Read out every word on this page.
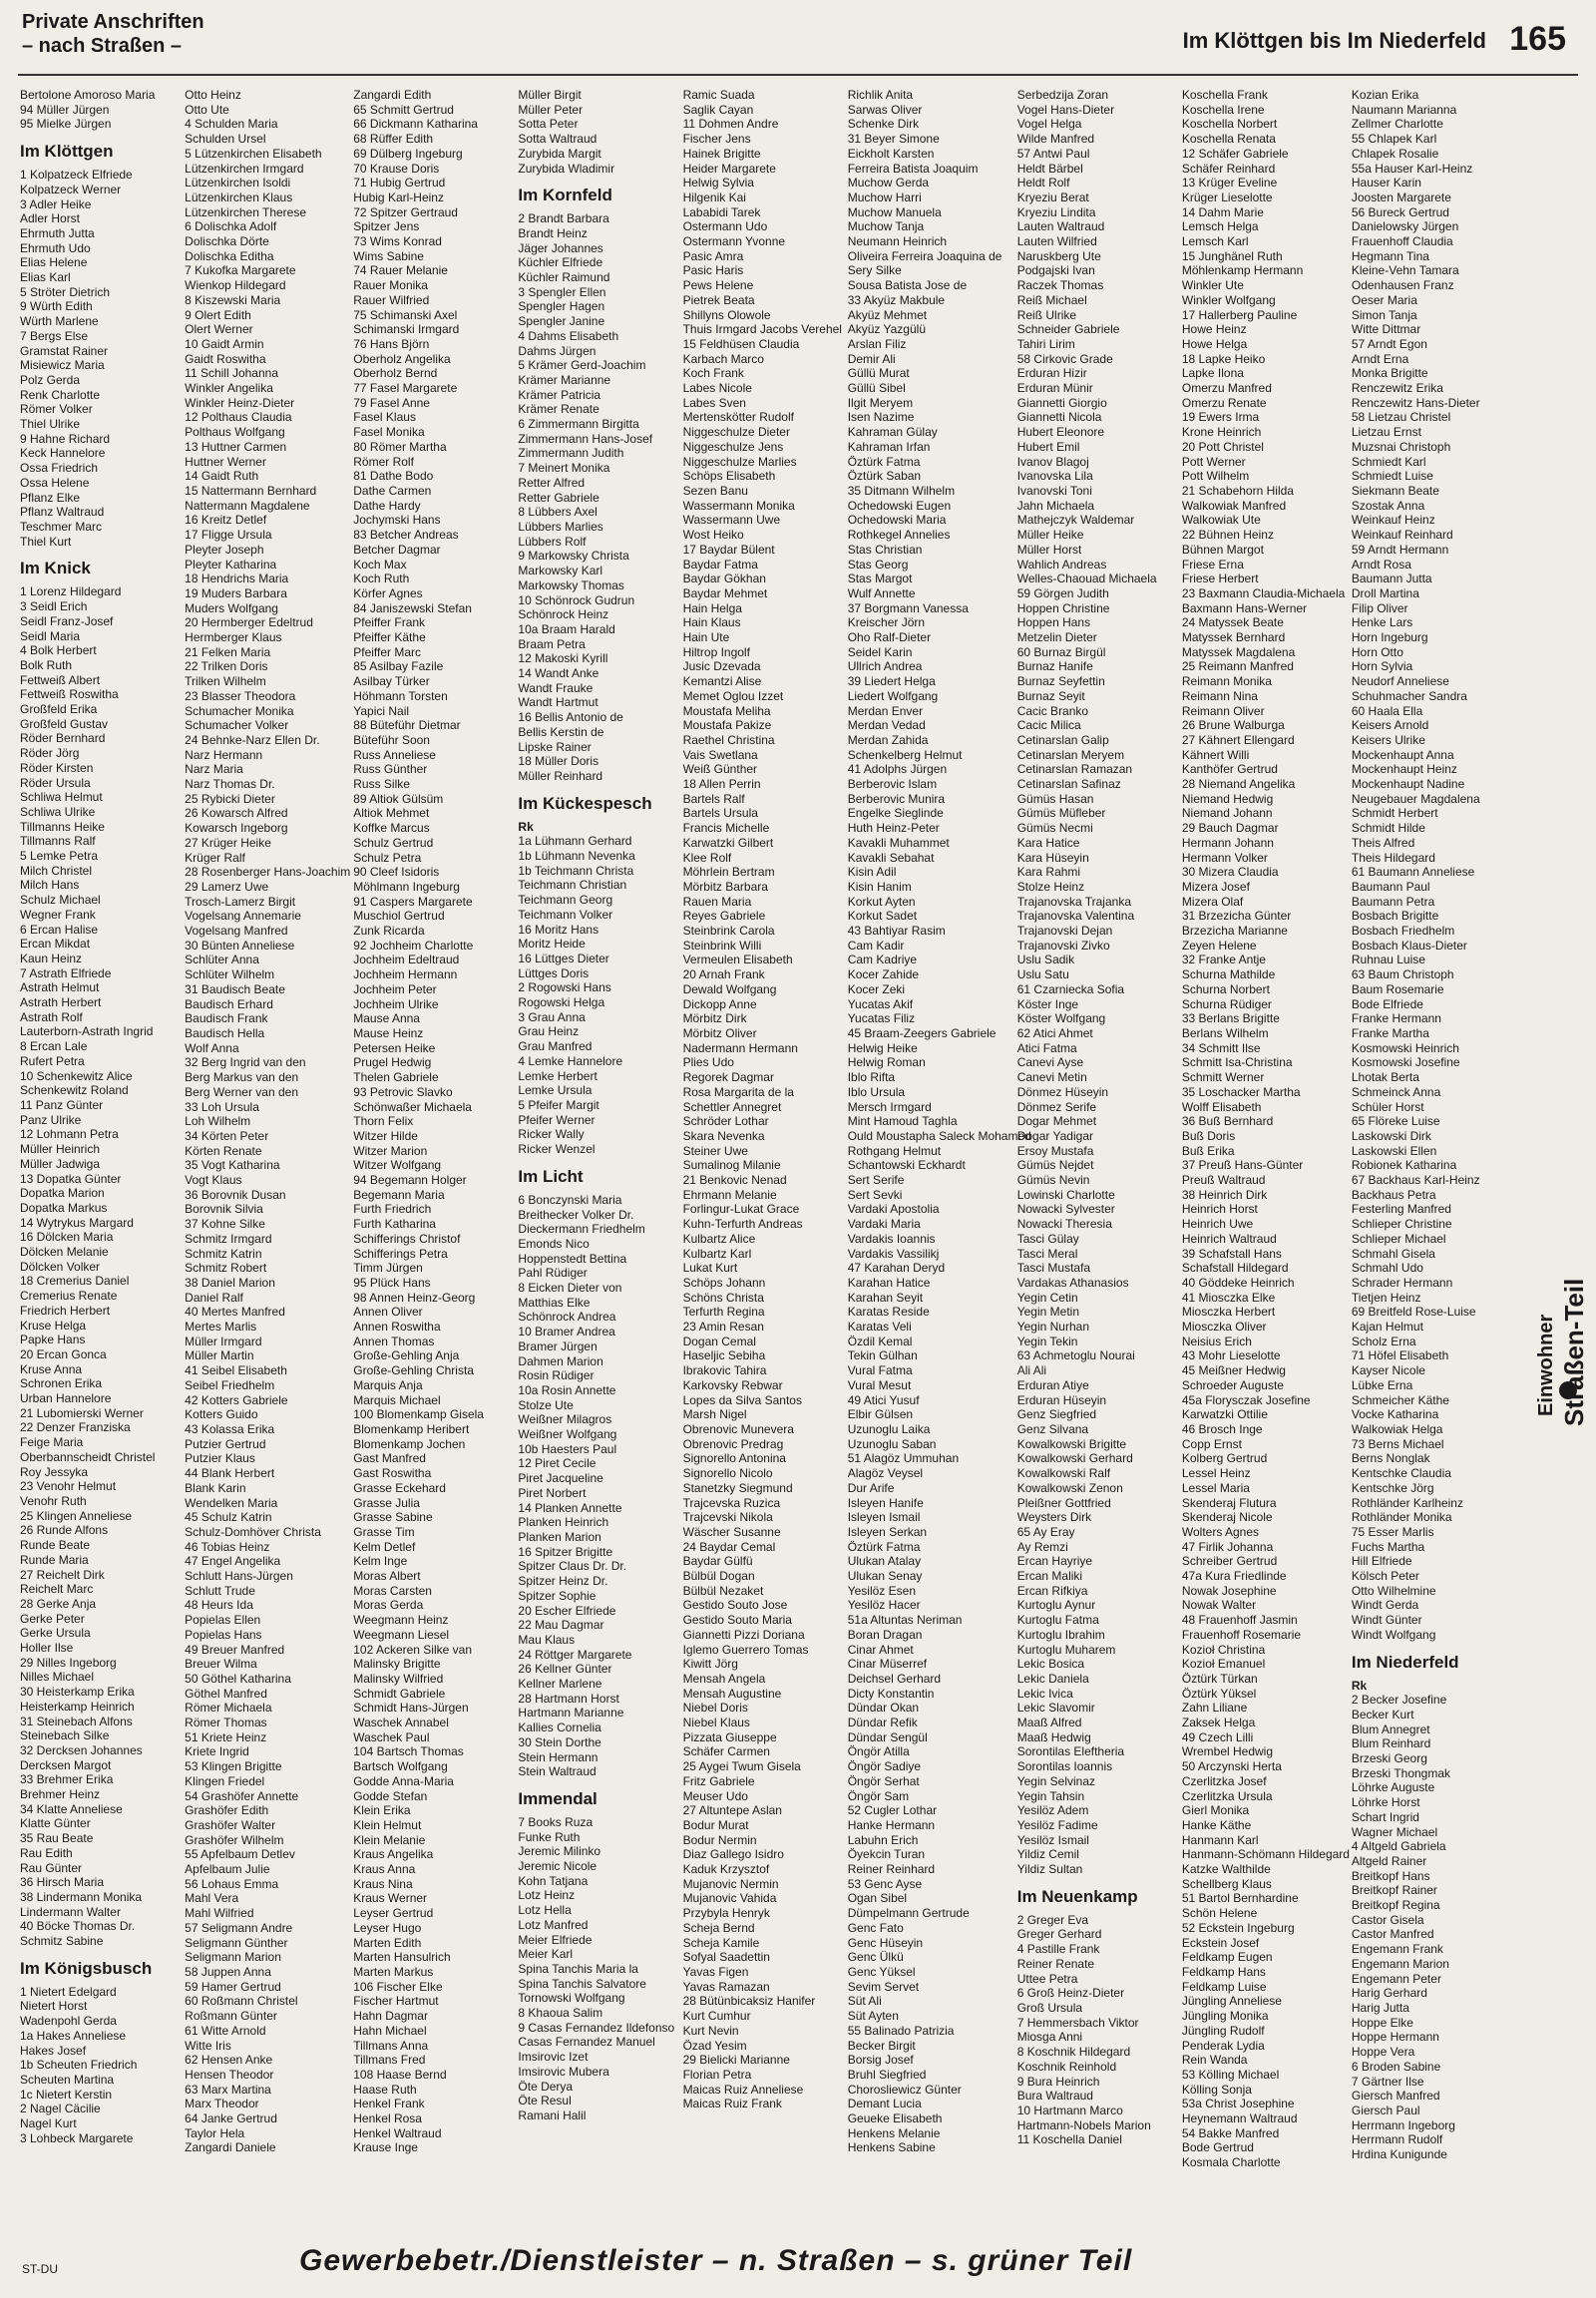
Private Anschriften
– nach Straßen –	Im Klöttgen bis Im Niederfeld 165

Bertolone Amoroso Maria

94 Müller Jürgen

95 Mielke Jürgen

Im Klöttgen

1 Kolpatzeck Elfriede

Kolpatzeck Werner

3 Adler Heike

Adler Horst

Ehrmuth Jutta

Ehrmuth Udo

Elias Helene

Elias Karl

5 Ströter Dietrich

9 Würth Edith

Würth Marlene

7 Bergs Else

Gramstat Rainer

Misiewicz Maria

Polz Gerda

Renk Charlotte

Römer Volker

Thiel Ulrike

9 Hahne Richard

Keck Hannelore

Ossa Friedrich

Ossa Helene

Pflanz Elke

Pflanz Waltraud

Teschmer Marc

Thiel Kurt

Im Knick

1 Lorenz Hildegard

3 Seidl Erich

Seidl Franz-Josef

Seidl Maria

4 Bolk Herbert

Bolk Ruth

Fettweiß Albert

Fettweiß Roswitha

Großfeld Erika

Großfeld Gustav

Röder Bernhard

Röder Jörg

Röder Kirsten

Röder Ursula

Schliwa Helmut

Schliwa Ulrike

Tillmanns Heike

Tillmanns Ralf

5 Lemke Petra

Milch Christel

Milch Hans

Schulz Michael

Wegner Frank

6 Ercan Halise

Ercan Mikdat

Kaun Heinz

7 Astrath Elfriede

Astrath Helmut

Astrath Herbert

Astrath Rolf

Lauterborn-Astrath Ingrid

8 Ercan Lale

Rufert Petra

10 Schenkewitz Alice

Schenkewitz Roland

11 Panz Günter

Panz Ulrike

12 Lohmann Petra

Müller Heinrich

Müller Jadwiga

13 Dopatka Günter

Dopatka Marion

Dopatka Markus

14 Wytrykus Margard

16 Dölcken Maria

Dölcken Melanie

Dölcken Volker

18 Cremerius Daniel

Cremerius Renate

Friedrich Herbert

Kruse Helga

Papke Hans

20 Ercan Gonca

Kruse Anna

Schronen Erika

Urban Hannelore

21 Lubomierski Werner

22 Denzer Franziska

Feige Maria

Oberbannscheidt Christel

Roy Jessyka

23 Venohr Helmut

Venohr Ruth

25 Klingen Anneliese

26 Runde Alfons

Runde Beate

Runde Maria

27 Reichelt Dirk

Reichelt Marc

28 Gerke Anja

Gerke Peter

Gerke Ursula

Holler Ilse

29 Nilles Ingeborg

Nilles Michael

30 Heisterkamp Erika

Heisterkamp Heinrich

31 Steinebach Alfons

Steinebach Silke

32 Dercksen Johannes

Dercksen Margot

33 Brehmer Erika

Brehmer Heinz

34 Klatte Anneliese

Klatte Günter

35 Rau Beate

Rau Edith

Rau Günter

36 Hirsch Maria

38 Lindermann Monika

Lindermann Walter

40 Böcke Thomas Dr.

Schmitz Sabine

Im Königsbusch

1 Nietert Edelgard

Nietert Horst

Wadenpohl Gerda

1a Hakes Anneliese

Hakes Josef

1b Scheuten Friedrich

Scheuten Martina

1c Nietert Kerstin

2 Nagel Cäcilie

Nagel Kurt

3 Lohbeck Margarete

Otto Heinz

Otto Ute

4 Schulden Maria

Schulden Ursel

5 Lützenkirchen Elisabeth

Lützenkirchen Irmgard

Lützenkirchen Isoldi

Lützenkirchen Klaus

Lützenkirchen Therese

6 Dolischka Adolf

Dolischka Dörte

Dolischka Editha

7 Kukofka Margarete

Wienkop Hildegard

8 Kiszewski Maria

9 Olert Edith

Olert Werner

10 Gaidt Armin

Gaidt Roswitha

11 Schill Johanna

Winkler Angelika

Winkler Heinz-Dieter

12 Polthaus Claudia

Polthaus Wolfgang

13 Huttner Carmen

Huttner Werner

14 Gaidt Ruth

15 Nattermann Bernhard

Nattermann Magdalene

16 Kreitz Detlef

17 Fligge Ursula

Pleyter Joseph

Pleyter Katharina

18 Hendrichs Maria

19 Muders Barbara

Muders Wolfgang

20 Hermberger Edeltrud

Hermberger Klaus

21 Felken Maria

22 Trilken Doris

Trilken Wilhelm

23 Blasser Theodora

Schumacher Monika

Schumacher Volker

24 Behnke-Narz Ellen Dr.

Narz Hermann

Narz Maria

Narz Thomas Dr.

25 Rybicki Dieter

26 Kowarsch Alfred

Kowarsch Ingeborg

27 Krüger Heike

Krüger Ralf

28 Rosenberger Hans-Joachim

29 Lamerz Uwe

Trosch-Lamerz Birgit

Vogelsang Annemarie

Vogelsang Manfred

30 Bünten Anneliese

Schlüter Anna

Schlüter Wilhelm

31 Baudisch Beate

Baudisch Erhard

Baudisch Frank

Baudisch Hella

Wolf Anna

32 Berg Ingrid van den

Berg Markus van den

Berg Werner van den

33 Loh Ursula

Loh Wilhelm

34 Körten Peter

Körten Renate

35 Vogt Katharina

Vogt Klaus

36 Borovnik Dusan

Borovnik Silvia

37 Kohne Silke

Schmitz Irmgard

Schmitz Katrin

Schmitz Robert

38 Daniel Marion

Daniel Ralf

40 Mertes Manfred

Mertes Marlis

Müller Irmgard

Müller Martin

41 Seibel Elisabeth

Seibel Friedhelm

42 Kotters Gabriele

Kotters Guido

43 Kolassa Erika

Putzier Gertrud

Putzier Klaus

44 Blank Herbert

Blank Karin

Wendelken Maria

45 Schulz Katrin

Schulz-Domhöver Christa

46 Tobias Heinz

47 Engel Angelika

Schlutt Hans-Jürgen

Schlutt Trude

48 Heurs Ida

Popielas Ellen

Popielas Hans

49 Breuer Manfred

Breuer Wilma

50 Göthel Katharina

Göthel Manfred

Römer Michaela

Römer Thomas

51 Kriete Heinz

Kriete Ingrid

53 Klingen Brigitte

Klingen Friedel

54 Grashöfer Annette

Grashöfer Edith

Grashöfer Walter

Grashöfer Wilhelm

55 Apfelbaum Detlev

Apfelbaum Julie

56 Lohaus Emma

Mahl Vera

Mahl Wilfried

57 Seligmann Andre

Seligmann Günther

Seligmann Marion

58 Juppen Anna

59 Hamer Gertrud

60 Roßmann Christel

Roßmann Günter

61 Witte Arnold

Witte Iris

62 Hensen Anke

Hensen Theodor

63 Marx Martina

Marx Theodor

64 Janke Gertrud

Taylor Hela

Zangardi Daniele

Zangardi Edith

65 Schmitt Gertrud

66 Dickmann Katharina

68 Rüffer Edith

69 Dülberg Ingeburg

70 Krause Doris

71 Hubig Gertrud

Hubig Karl-Heinz

72 Spitzer Gertraud

Spitzer Jens

73 Wims Konrad

Wims Sabine

74 Rauer Melanie

Rauer Monika

Rauer Wilfried

75 Schimanski Axel

Schimanski Irmgard

76 Hans Björn

Oberholz Angelika

Oberholz Bernd

77 Fasel Margarete

79 Fasel Anne

Fasel Klaus

Fasel Monika

80 Römer Martha

Römer Rolf

81 Dathe Bodo

Dathe Carmen

Dathe Hardy

Jochymski Hans

83 Betcher Andreas

Betcher Dagmar

Koch Max

Koch Ruth

Körfer Agnes

84 Janiszewski Stefan

Pfeiffer Frank

Pfeiffer Käthe

Pfeiffer Marc

85 Asilbay Fazile

Asilbay Türker

Höhmann Torsten

Yapici Nail

88 Büteführ Dietmar

Büteführ Soon

Russ Anneliese

Russ Günther

Russ Silke

89 Altiok Gülsüm

Altiok Mehmet

Koffke Marcus

Schulz Gertrud

Schulz Petra

90 Cleef Isidoris

Möhlmann Ingeburg

91 Caspers Margarete

Muschiol Gertrud

Zunk Ricarda

92 Jochheim Charlotte

Jochheim Edeltraud

Jochheim Hermann

Jochheim Peter

Jochheim Ulrike

Mause Anna

Mause Heinz

Petersen Heike

Prugel Hedwig

Thelen Gabriele

93 Petrovic Slavko

Schönwaßer Michaela

Thorn Felix

Witzer Hilde

Witzer Marion

Witzer Wolfgang

94 Begemann Holger

Begemann Maria

Furth Friedrich

Furth Katharina

Schifferings Christof

Schifferings Petra

Timm Jürgen

95 Plück Hans

98 Annen Heinz-Georg

Annen Oliver

Annen Roswitha

Annen Thomas

Große-Gehling Anja

Große-Gehling Christa

Marquis Anja

Marquis Michael

100 Blomenkamp Gisela

Blomenkamp Heribert

Blomenkamp Jochen

Gast Manfred

Gast Roswitha

Grasse Eckehard

Grasse Julia

Grasse Sabine

Grasse Tim

Kelm Detlef

Kelm Inge

Moras Albert

Moras Carsten

Moras Gerda

Weegmann Heinz

Weegmann Liesel

102 Ackeren Silke van

Malinsky Brigitte

Malinsky Wilfried

Schmidt Gabriele

Schmidt Hans-Jürgen

Waschek Annabel

Waschek Paul

104 Bartsch Thomas

Bartsch Wolfgang

Godde Anna-Maria

Godde Stefan

Klein Erika

Klein Helmut

Klein Melanie

Kraus Angelika

Kraus Anna

Kraus Nina

Kraus Werner

Leyser Gertrud

Leyser Hugo

Marten Edith

Marten Hansulrich

Marten Markus

106 Fischer Elke

Fischer Hartmut

Hahn Dagmar

Hahn Michael

Tillmans Anna

Tillmans Fred

108 Haase Bernd

Haase Ruth

Henkel Frank

Henkel Rosa

Henkel Waltraud

Krause Inge

Müller Birgit

Müller Peter

Sotta Peter

Sotta Waltraud

Zurybida Margit

Zurybida Wladimir

Im Kornfeld

2 Brandt Barbara

Brandt Heinz

Jäger Johannes

Küchler Elfriede

Küchler Raimund

3 Spengler Ellen

Spengler Hagen

Spengler Janine

4 Dahms Elisabeth

Dahms Jürgen

5 Krämer Gerd-Joachim

Krämer Marianne

Krämer Patricia

Krämer Renate

6 Zimmermann Birgitta

Zimmermann Hans-Josef

Zimmermann Judith

7 Meinert Monika

Retter Alfred

Retter Gabriele

8 Lübbers Axel

Lübbers Marlies

Lübbers Rolf

9 Markowsky Christa

Markowsky Karl

Markowsky Thomas

10 Schönrock Gudrun

Schönrock Heinz

10a Braam Harald

Braam Petra

12 Makoski Kyrill

14 Wandt Anke

Wandt Frauke

Wandt Hartmut

16 Bellis Antonio de

Bellis Kerstin de

Lipske Rainer

18 Müller Doris

Müller Reinhard

Im Kückespesch

Rk

1a Lühmann Gerhard

1b Lühmann Nevenka

1b Teichmann Christa

Teichmann Christian

Teichmann Georg

Teichmann Volker

16 Moritz Hans

Moritz Heide

16 Lüttges Dieter

Lüttges Doris

2 Rogowski Hans

Rogowski Helga

3 Grau Anna

Grau Heinz

Grau Manfred

4 Lemke Hannelore

Lemke Herbert

Lemke Ursula

5 Pfeifer Margit

Pfeifer Werner

Ricker Wally

Ricker Wenzel

Im Licht

6 Bonczynski Maria

Breithecker Volker Dr.

Dieckermann Friedhelm

Emonds Nico

Hoppenstedt Bettina

Pahl Rüdiger

8 Eicken Dieter von

Matthias Elke

Schönrock Andrea

10 Bramer Andrea

Bramer Jürgen

Dahmen Marion

Rosin Rüdiger

10a Rosin Annette

Stolze Ute

Weißner Milagros

Weißner Wolfgang

10b Haesters Paul

12 Piret Cecile

Piret Jacqueline

Piret Norbert

14 Planken Annette

Planken Heinrich

Planken Marion

16 Spitzer Brigitte

Spitzer Claus Dr. Dr.

Spitzer Heinz Dr.

Spitzer Sophie

20 Escher Elfriede

22 Mau Dagmar

Mau Klaus

24 Röttger Margarete

26 Kellner Günter

Kellner Marlene

28 Hartmann Horst

Hartmann Marianne

Kallies Cornelia

30 Stein Dorthe

Stein Hermann

Stein Waltraud

Immendal

7 Books Ruza

Funke Ruth

Jeremic Milinko

Jeremic Nicole

Kohn Tatjana

Lotz Heinz

Lotz Hella

Lotz Manfred

Meier Elfriede

Meier Karl

Spina Tanchis Maria la

Spina Tanchis Salvatore

Tornowski Wolfgang

8 Khaoua Salim

9 Casas Fernandez Ildefonso

Casas Fernandez Manuel

Imsirovic Izet

Imsirovic Mubera

Öte Derya

Öte Resul

Ramani Halil

Ramic Suada

Saglik Cayan

11 Dohmen Andre

Fischer Jens

Hainek Brigitte

Heider Margarete

Helwig Sylvia

Hilgenik Kai

Lababidi Tarek

Ostermann Udo

Ostermann Yvonne

Pasic Amra

Pasic Haris

Pews Helene

Pietrek Beata

Shillyns Olowole

Thuis Irmgard Jacobs Verehel

15 Feldhüsen Claudia

Karbach Marco

Koch Frank

Labes Nicole

Labes Sven

Mertenskötter Rudolf

Niggeschulze Dieter

Niggeschulze Jens

Niggeschulze Marlies

Schöps Elisabeth

Sezen Banu

Wassermann Monika

Wassermann Uwe

Wost Heiko

17 Baydar Bülent

Baydar Fatma

Baydar Gökhan

Baydar Mehmet

Hain Helga

Hain Klaus

Hain Ute

Hiltrop Ingolf

Jusic Dzevada

Kemantzi Alise

Memet Oglou Izzet

Moustafa Meliha

Moustafa Pakize

Raethel Christina

Vais Swetlana

Weiß Günther

18 Allen Perrin

Bartels Ralf

Bartels Ursula

Francis Michelle

Karwatzki Gilbert

Klee Rolf

Möhrlein Bertram

Mörbitz Barbara

Rauen Maria

Reyes Gabriele

Steinbrink Carola

Steinbrink Willi

Vermeulen Elisabeth

20 Arnah Frank

Dewald Wolfgang

Dickopp Anne

Mörbitz Dirk

Mörbitz Oliver

Nadermann Hermann

Plies Udo

Regorek Dagmar

Rosa Margarita de la

Schettler Annegret

Schröder Lothar

Skara Nevenka

Steiner Uwe

Sumalinog Milanie

21 Benkovic Nenad

Ehrmann Melanie

Forlingur-Lukat Grace

Kuhn-Terfurth Andreas

Kulbartz Alice

Kulbartz Karl

Lukat Kurt

Schöps Johann

Schöns Christa

Terfurth Regina

23 Amin Resan

Dogan Cemal

Haseljic Sebiha

Ibrakovic Tahira

Karkovsky Rebwar

Lopes da Silva Santos

Marsh Nigel

Obrenovic Munevera

Obrenovic Predrag

Signorello Antonina

Signorello Nicolo

Stanetzky Siegmund

Trajcevska Ruzica

Trajcevski Nikola

Wäscher Susanne

24 Baydar Cemal

Baydar Gülfü

Bülbül Dogan

Bülbül Nezaket

Gestido Souto Jose

Gestido Souto Maria

Giannetti Pizzi Doriana

Iglemo Guerrero Tomas

Kiwitt Jörg

Mensah Angela

Mensah Augustine

Niebel Doris

Niebel Klaus

Pizzata Giuseppe

Schäfer Carmen

25 Aygei Twum Gisela

Fritz Gabriele

Meuser Udo

27 Altuntepe Aslan

Bodur Murat

Bodur Nermin

Diaz Gallego Isidro

Kaduk Krzysztof

Mujanovic Nermin

Mujanovic Vahida

Przybyla Henryk

Scheja Bernd

Scheja Kamile

Sofyal Saadettin

Yavas Figen

Yavas Ramazan

28 Bütünbicaksiz Hanifer

Kurt Cumhur

Kurt Nevin

Özad Yesim

29 Bielicki Marianne

Florian Petra

Maicas Ruiz Anneliese

Maicas Ruiz Frank

Richlik Anita

Sarwas Oliver

Schenke Dirk

31 Beyer Simone

Eickholt Karsten

Ferreira Batista Joaquim

Muchow Gerda

Muchow Harri

Muchow Manuela

Muchow Tanja

Neumann Heinrich

Oliveira Ferreira Joaquina de

Sery Silke

Sousa Batista Jose de

33 Akyüz Makbule

Akyüz Mehmet

Akyüz Yazgülü

Arslan Filiz

Demir Ali

Güllü Murat

Güllü Sibel

Ilgit Meryem

Isen Nazime

Kahraman Gülay

Kahraman Irfan

Öztürk Fatma

Öztürk Saban

35 Ditmann Wilhelm

Ochedowski Eugen

Ochedowski Maria

Rothkegel Annelies

Stas Christian

Stas Georg

Stas Margot

Wulf Annette

37 Borgmann Vanessa

Kreischer Jörn

Oho Ralf-Dieter

Seidel Karin

Ullrich Andrea

39 Liedert Helga

Liedert Wolfgang

Merdan Enver

Merdan Vedad

Merdan Zahida

Schenkelberg Helmut

41 Adolphs Jürgen

Berberovic Islam

Berberovic Munira

Engelke Sieglinde

Huth Heinz-Peter

Kavakli Muhammet

Kavakli Sebahat

Kisin Adil

Kisin Hanim

Korkut Ayten

Korkut Sadet

43 Bahtiyar Rasim

Cam Kadir

Cam Kadriye

Kocer Zahide

Kocer Zeki

Yucatas Akif

Yucatas Filiz

45 Braam-Zeegers Gabriele

Helwig Heike

Helwig Roman

Iblo Rifta

Iblo Ursula

Mersch Irmgard

Mint Hamoud Taghla

Ould Moustapha Saleck Mohamed

Rothgang Helmut

Schantowski Eckhardt

Sert Serife

Sert Sevki

Vardaki Apostolia

Vardaki Maria

Vardakis Ioannis

Vardakis Vassilikj

47 Karahan Deryd

Karahan Hatice

Karahan Seyit

Karatas Reside

Karatas Veli

Özdil Kemal

Tekin Gülhan

Vural Fatma

Vural Mesut

49 Atici Yusuf

Elbir Gülsen

Uzunoglu Laika

Uzunoglu Saban

51 Alagöz Ummuhan

Alagöz Veysel

Dur Arife

Isleyen Hanife

Isleyen Ismail

Isleyen Serkan

Öztürk Fatma

Ulukan Atalay

Ulukan Senay

Yesilöz Esen

Yesilöz Hacer

51a Altuntas Neriman

Boran Dragan

Cinar Ahmet

Cinar Müserref

Deichsel Gerhard

Dicty Konstantin

Dündar Okan

Dündar Refik

Dündar Sengül

Öngör Atilla

Öngör Sadiye

Öngör Serhat

Öngör Sam

52 Cugler Lothar

Hanke Hermann

Labuhn Erich

Öyekcin Turan

Reiner Reinhard

53 Genc Ayse

Ogan Sibel

Dümpelmann Gertrude

Genc Fato

Genc Hüseyin

Genc Ülkü

Genc Yüksel

Sevim Servet

Süt Ali

Süt Ayten

55 Balinado Patrizia

Becker Birgit

Borsig Josef

Bruhl Siegfried

Chorosliewicz Günter

Demant Lucia

Geueke Elisabeth

Henkens Melanie

Henkens Sabine

Serbedzija Zoran

Vogel Hans-Dieter

Vogel Helga

Wilde Manfred

57 Antwi Paul

Heldt Bärbel

Heldt Rolf

Kryeziu Berat

Kryeziu Lindita

Lauten Waltraud

Lauten Wilfried

Naruskberg Ute

Podgajski Ivan

Raczek Thomas

Reiß Michael

Reiß Ulrike

Schneider Gabriele

Tahiri Lirim

58 Cirkovic Grade

Erduran Hizir

Erduran Münir

Giannetti Giorgio

Giannetti Nicola

Hubert Eleonore

Hubert Emil

Ivanov Blagoj

Ivanovska Lila

Ivanovski Toni

Jahn Michaela

Mathejczyk Waldemar

Müller Heike

Müller Horst

Wahlich Andreas

Welles-Chaouad Michaela

59 Görgen Judith

Hoppen Christine

Hoppen Hans

Metzelin Dieter

60 Burnaz Birgül

Burnaz Hanife

Burnaz Seyfettin

Burnaz Seyit

Cacic Branko

Cacic Milica

Cetinarslan Galip

Cetinarslan Meryem

Cetinarslan Ramazan

Cetinarslan Safinaz

Gümüs Hasan

Gümüs Müfleber

Gümüs Necmi

Kara Hatice

Kara Hüseyin

Kara Rahmi

Stolze Heinz

Trajanovska Trajanka

Trajanovska Valentina

Trajanovski Dejan

Trajanovski Zivko

Uslu Sadik

Uslu Satu

61 Czarniecka Sofia

Köster Inge

Köster Wolfgang

62 Atici Ahmet

Atici Fatma

Canevi Ayse

Canevi Metin

Dönmez Hüseyin

Dönmez Serife

Dogar Mehmet

Dogar Yadigar

Ersoy Mustafa

Gümüs Nejdet

Gümüs Nevin

Lowinski Charlotte

Nowacki Sylvester

Nowacki Theresia

Tasci Gülay

Tasci Meral

Tasci Mustafa

Vardakas Athanasios

Yegin Cetin

Yegin Metin

Yegin Nurhan

Yegin Tekin

63 Achmetoglu Nourai

Ali Ali

Erduran Atiye

Erduran Hüseyin

Genz Siegfried

Genz Silvana

Kowalkowski Brigitte

Kowalkowski Gerhard

Kowalkowski Ralf

Kowalkowski Zenon

Pleißner Gottfried

Weysters Dirk

65 Ay Eray

Ay Remzi

Ercan Hayriye

Ercan Maliki

Ercan Rifkiya

Kurtoglu Aynur

Kurtoglu Fatma

Kurtoglu Ibrahim

Kurtoglu Muharem

Lekic Bosica

Lekic Daniela

Lekic Ivica

Lekic Slavomir

Maaß Alfred

Maaß Hedwig

Sorontilas Eleftheria

Sorontilas Ioannis

Yegin Selvinaz

Yegin Tahsin

Yesilöz Adem

Yesilöz Fadime

Yesilöz Ismail

Yildiz Cemil

Yildiz Sultan

Im Neuenkamp

2 Greger Eva

Greger Gerhard

4 Pastille Frank

Reiner Renate

Uttee Petra

6 Groß Heinz-Dieter

Groß Ursula

7 Hemmersbach Viktor

Miosga Anni

8 Koschnik Hildegard

Koschnik Reinhold

9 Bura Heinrich

Bura Waltraud

10 Hartmann Marco

Hartmann-Nobels Marion

11 Koschella Daniel

Koschella Frank

Koschella Irene

Koschella Norbert

Koschella Renata

12 Schäfer Gabriele

Schäfer Reinhard

13 Krüger Eveline

Krüger Lieselotte

14 Dahm Marie

Lemsch Helga

Lemsch Karl

15 Junghänel Ruth

Möhlenkamp Hermann

Winkler Ute

Winkler Wolfgang

17 Hallerberg Pauline

Howe Heinz

Howe Helga

18 Lapke Heiko

Lapke Ilona

Omerzu Manfred

Omerzu Renate

19 Ewers Irma

Krone Heinrich

20 Pott Christel

Pott Werner

Pott Wilhelm

21 Schabehorn Hilda

Walkowiak Manfred

Walkowiak Ute

22 Bühnen Heinz

Bühnen Margot

Friese Erna

Friese Herbert

23 Baxmann Claudia-Michaela

Baxmann Hans-Werner

24 Matyssek Beate

Matyssek Bernhard

Matyssek Magdalena

25 Reimann Manfred

Reimann Monika

Reimann Nina

Reimann Oliver

26 Brune Walburga

27 Kähnert Ellengard

Kähnert Willi

Kanthöfer Gertrud

28 Niemand Angelika

Niemand Hedwig

Niemand Johann

29 Bauch Dagmar

Hermann Johann

Hermann Volker

30 Mizera Claudia

Mizera Josef

Mizera Olaf

31 Brzezicha Günter

Brzezicha Marianne

Zeyen Helene

32 Franke Antje

Schurna Mathilde

Schurna Norbert

Schurna Rüdiger

33 Berlans Brigitte

Berlans Wilhelm

34 Schmitt Ilse

Schmitt Isa-Christina

Schmitt Werner

35 Loschacker Martha

Wolff Elisabeth

36 Buß Bernhard

Buß Doris

Buß Erika

37 Preuß Hans-Günter

Preuß Waltraud

38 Heinrich Dirk

Heinrich Horst

Heinrich Uwe

Heinrich Waltraud

39 Schafstall Hans

Schafstall Hildegard

40 Göddeke Heinrich

41 Miosczka Elke

Miosczka Herbert

Miosczka Oliver

Neisius Erich

43 Mohr Lieselotte

45 Meißner Hedwig

Schroeder Auguste

45a Florysczak Josefine

Karwatzki Ottilie

46 Brosch Inge

Copp Ernst

Kolberg Gertrud

Lessel Heinz

Lessel Maria

Skenderaj Flutura

Skenderaj Nicole

Wolters Agnes

47 Firlik Johanna

Schreiber Gertrud

47a Kura Friedlinde

Nowak Josephine

Nowak Walter

48 Frauenhoff Jasmin

Frauenhoff Rosemarie

Kozioł Christina

Kozioł Emanuel

Öztürk Türkan

Öztürk Yüksel

Zahn Liliane

Zaksek Helga

49 Czech Lilli

Wrembel Hedwig

50 Arczynski Herta

Czerlitzka Josef

Czerlitzka Ursula

Gierl Monika

Hanke Käthe

Hanmann Karl

Hanmann-Schömann Hildegard

Katzke Walthilde

Schellberg Klaus

51 Bartol Bernhardine

Schön Helene

52 Eckstein Ingeburg

Eckstein Josef

Feldkamp Eugen

Feldkamp Hans

Feldkamp Luise

Jüngling Anneliese

Jüngling Monika

Jüngling Rudolf

Penderak Lydia

Rein Wanda

53 Kölling Michael

Kölling Sonja

53a Christ Josephine

Heynemann Waltraud

54 Bakke Manfred

Bode Gertrud

Kosmala Charlotte

Kozian Erika

Naumann Marianna

Zellmer Charlotte

55 Chlapek Karl

Chlapek Rosalie

55a Hauser Karl-Heinz

Hauser Karin

Joosten Margarete

56 Bureck Gertrud

Danielowsky Jürgen

Frauenhoff Claudia

Hegmann Tina

Kleine-Vehn Tamara

Odenhausen Franz

Oeser Maria

Simon Tanja

Witte Dittmar

57 Arndt Egon

Arndt Erna

Monka Brigitte

Renczewitz Erika

Renczewitz Hans-Dieter

58 Lietzau Christel

Lietzau Ernst

Muzsnai Christoph

Schmiedt Karl

Schmiedt Luise

Siekmann Beate

Szostak Anna

Weinkauf Heinz

Weinkauf Reinhard

59 Arndt Hermann

Arndt Rosa

Baumann Jutta

Droll Martina

Filip Oliver

Henke Lars

Horn Ingeburg

Horn Otto

Horn Sylvia

Neudorf Anneliese

Schuhmacher Sandra

60 Haala Ella

Keisers Arnold

Keisers Ulrike

Mockenhaupt Anna

Mockenhaupt Heinz

Mockenhaupt Nadine

Neugebauer Magdalena

Schmidt Herbert

Schmidt Hilde

Theis Alfred

Theis Hildegard

61 Baumann Anneliese

Baumann Paul

Baumann Petra

Bosbach Brigitte

Bosbach Friedhelm

Bosbach Klaus-Dieter

Ruhnau Luise

63 Baum Christoph

Baum Rosemarie

Bode Elfriede

Franke Hermann

Franke Martha

Kosmowski Heinrich

Kosmowski Josefine

Lhotak Berta

Schmeinck Anna

Schüler Horst

65 Flöreke Luise

Laskowski Dirk

Laskowski Ellen

Robionek Katharina

67 Backhaus Karl-Heinz

Backhaus Petra

Festerling Manfred

Schlieper Christine

Schlieper Michael

Schmahl Gisela

Schmahl Udo

Schrader Hermann

Tietjen Heinz

69 Breitfeld Rose-Luise

Kajan Helmut

Scholz Erna

71 Höfel Elisabeth

Kayser Nicole

Lübke Erna

Schmeicher Käthe

Vocke Katharina

Walkowiak Helga

73 Berns Michael

Berns Nonglak

Kentschke Claudia

Kentschke Jörg

Rothländer Karlheinz

Rothländer Monika

75 Esser Marlis

Fuchs Martha

Hill Elfriede

Kölsch Peter

Otto Wilhelmine

Windt Gerda

Windt Günter

Windt Wolfgang

Im Niederfeld

Rk

2 Becker Josefine

Becker Kurt

Blum Annegret

Blum Reinhard

Brzeski Georg

Brzeski Thongmak

Löhrke Auguste

Löhrke Horst

Schart Ingrid

Wagner Michael

4 Altgeld Gabriela

Altgeld Rainer

Breitkopf Hans

Breitkopf Rainer

Breitkopf Regina

Castor Gisela

Castor Manfred

Engemann Frank

Engemann Marion

Engemann Peter

Harig Gerhard

Harig Jutta

Hoppe Elke

Hoppe Hermann

Hoppe Vera

6 Broden Sabine

7 Gärtner Ilse

Giersch Manfred

Giersch Paul

Herrmann Ingeborg

Herrmann Rudolf

Hrdina Kunigunde

Einwohner Straßen-Teil
Gewerbebetr./Dienstleister – n. Straßen – s. grüner Teil
ST-DU
